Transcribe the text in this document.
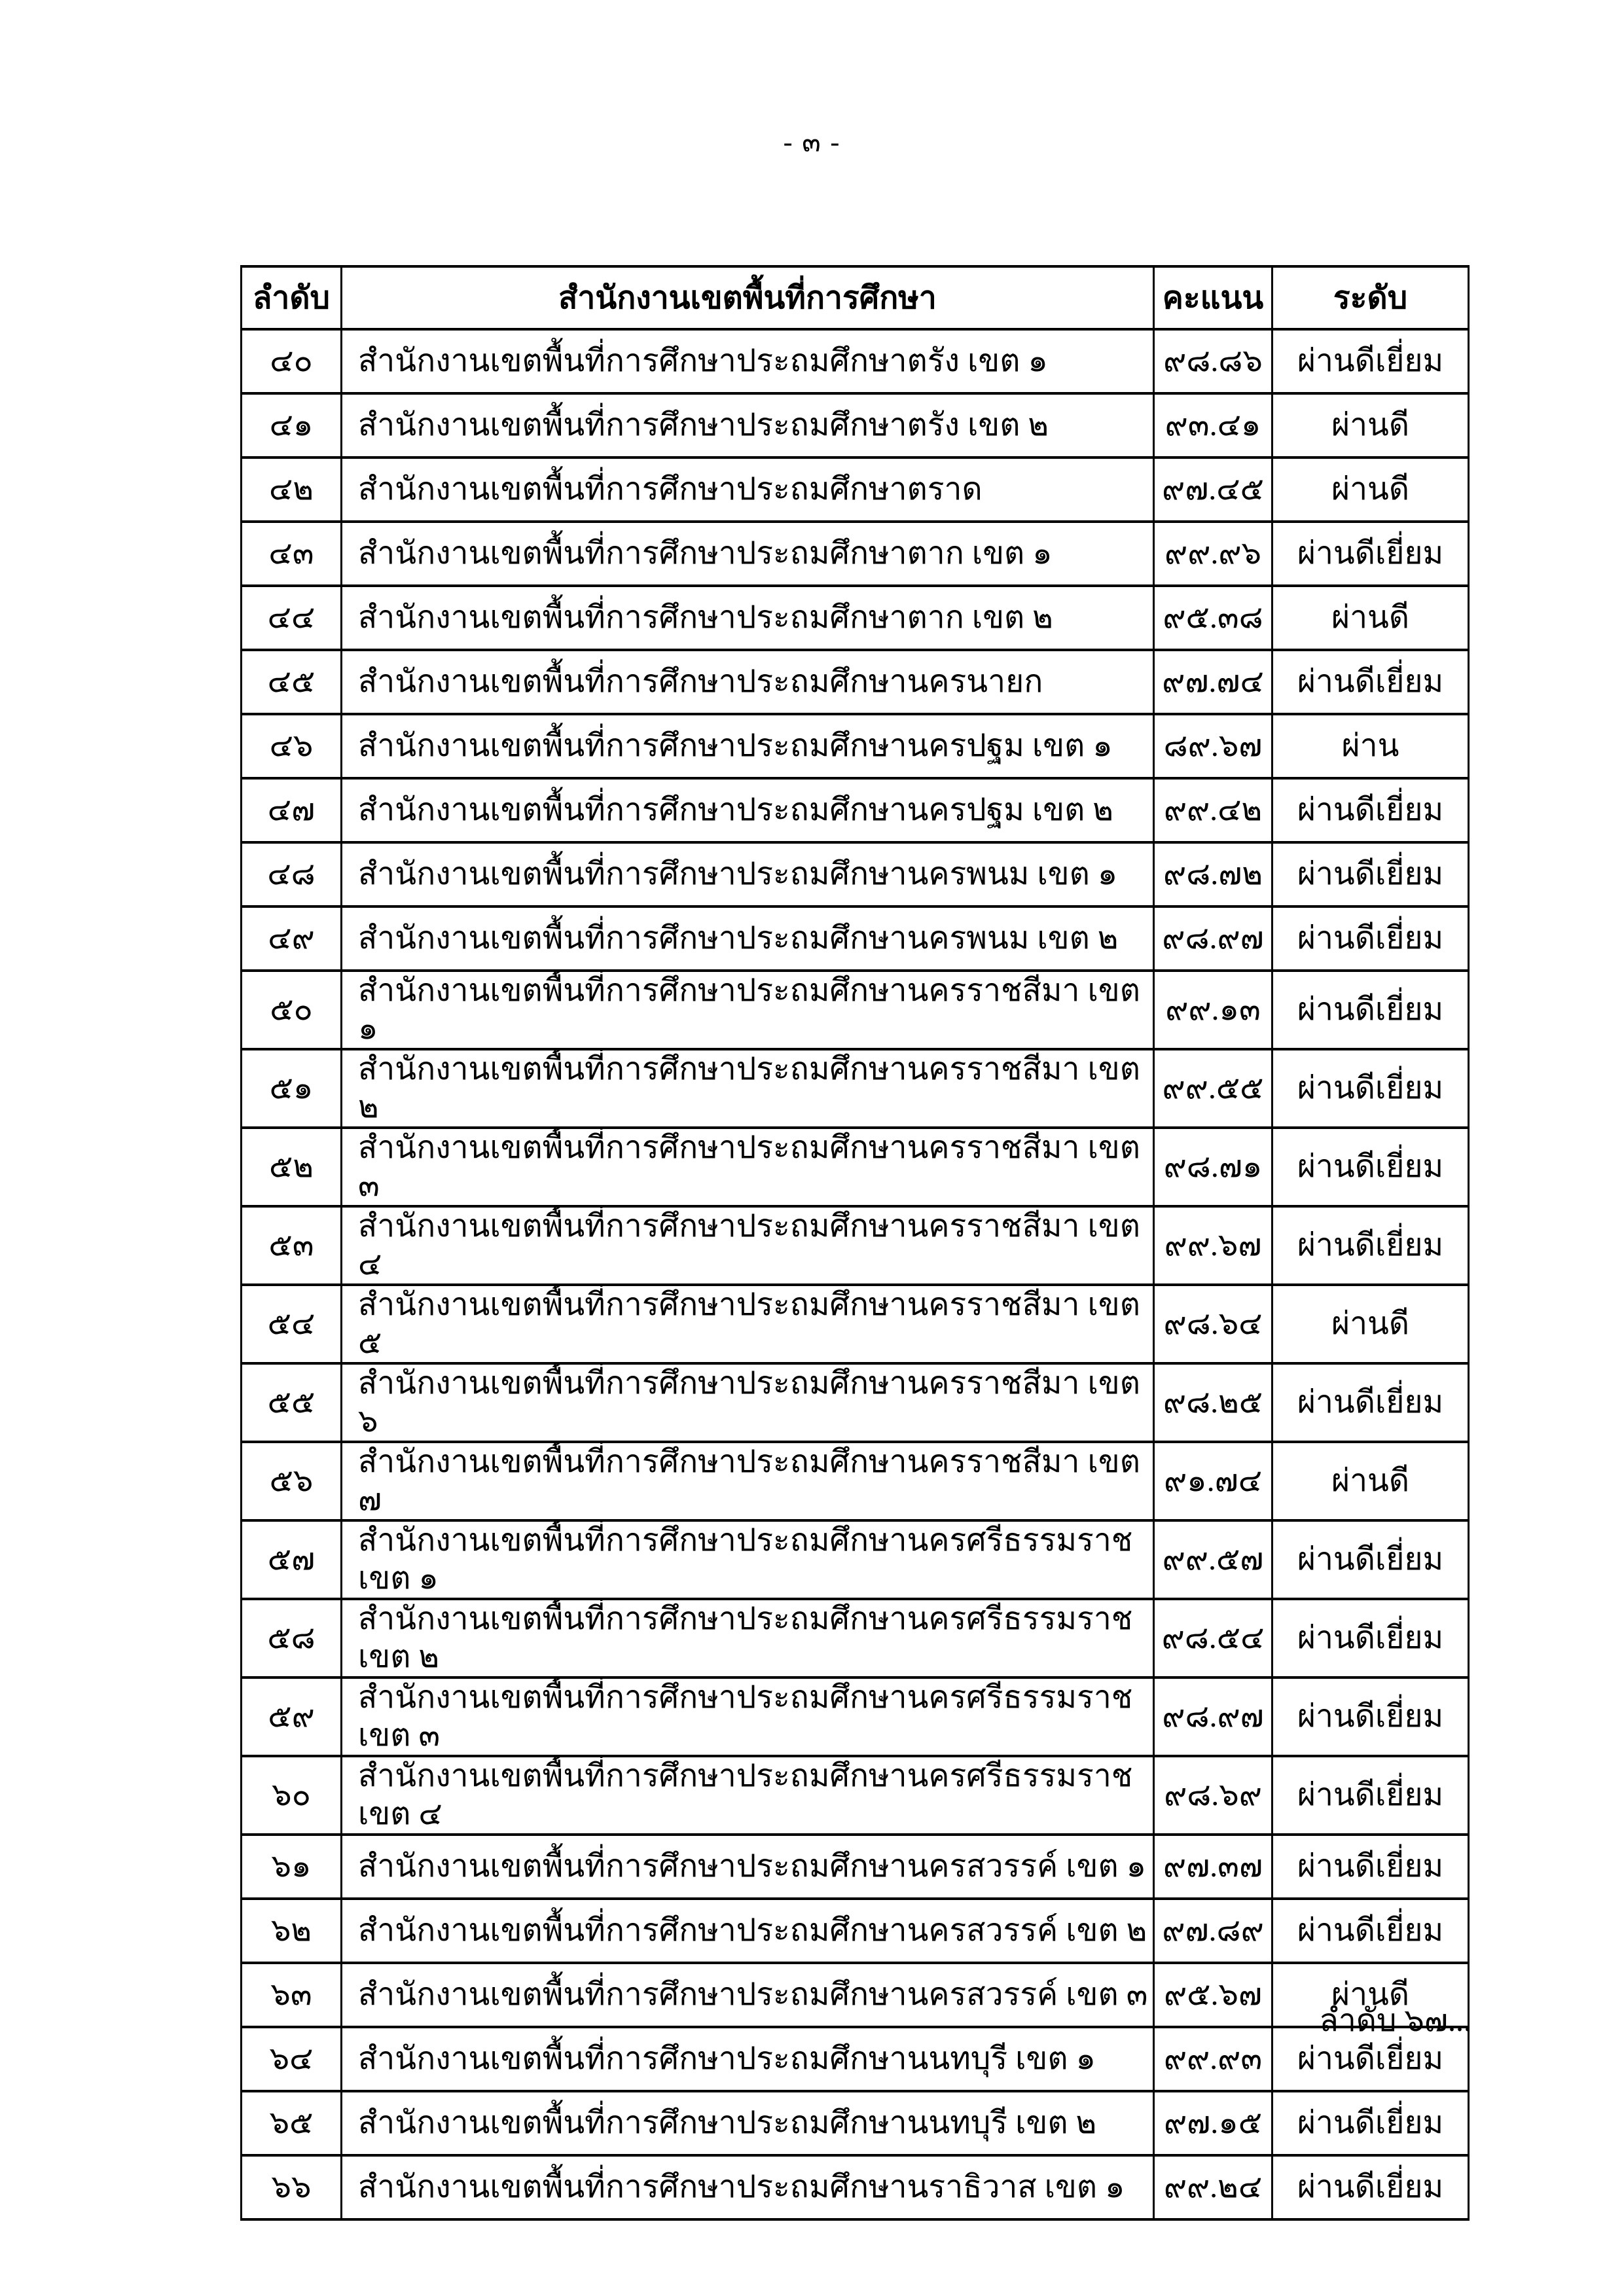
- ๓ -
ลำดับ	สำนักงานเขตพื้นที่การศึกษา	คะแนน	ระดับ
๔๐	สำนักงานเขตพื้นที่การศึกษาประถมศึกษาตรัง เขต ๑	๙๘.๘๖	ผ่านดีเยี่ยม
๔๑	สำนักงานเขตพื้นที่การศึกษาประถมศึกษาตรัง เขต ๒	๙๓.๔๑	ผ่านดี
๔๒	สำนักงานเขตพื้นที่การศึกษาประถมศึกษาตราด	๙๗.๔๕	ผ่านดี
๔๓	สำนักงานเขตพื้นที่การศึกษาประถมศึกษาตาก เขต ๑	๙๙.๙๖	ผ่านดีเยี่ยม
๔๔	สำนักงานเขตพื้นที่การศึกษาประถมศึกษาตาก เขต ๒	๙๕.๓๘	ผ่านดี
๔๕	สำนักงานเขตพื้นที่การศึกษาประถมศึกษานครนายก	๙๗.๗๔	ผ่านดีเยี่ยม
๔๖	สำนักงานเขตพื้นที่การศึกษาประถมศึกษานครปฐม เขต ๑	๘๙.๖๗	ผ่าน
๔๗	สำนักงานเขตพื้นที่การศึกษาประถมศึกษานครปฐม เขต ๒	๙๙.๔๒	ผ่านดีเยี่ยม
๔๘	สำนักงานเขตพื้นที่การศึกษาประถมศึกษานครพนม เขต ๑	๙๘.๗๒	ผ่านดีเยี่ยม
๔๙	สำนักงานเขตพื้นที่การศึกษาประถมศึกษานครพนม เขต ๒	๙๘.๙๗	ผ่านดีเยี่ยม
๕๐	สำนักงานเขตพื้นที่การศึกษาประถมศึกษานครราชสีมา เขต ๑	๙๙.๑๓	ผ่านดีเยี่ยม
๕๑	สำนักงานเขตพื้นที่การศึกษาประถมศึกษานครราชสีมา เขต ๒	๙๙.๕๕	ผ่านดีเยี่ยม
๕๒	สำนักงานเขตพื้นที่การศึกษาประถมศึกษานครราชสีมา เขต ๓	๙๘.๗๑	ผ่านดีเยี่ยม
๕๓	สำนักงานเขตพื้นที่การศึกษาประถมศึกษานครราชสีมา เขต ๔	๙๙.๖๗	ผ่านดีเยี่ยม
๕๔	สำนักงานเขตพื้นที่การศึกษาประถมศึกษานครราชสีมา เขต ๕	๙๘.๖๔	ผ่านดี
๕๕	สำนักงานเขตพื้นที่การศึกษาประถมศึกษานครราชสีมา เขต ๖	๙๘.๒๕	ผ่านดีเยี่ยม
๕๖	สำนักงานเขตพื้นที่การศึกษาประถมศึกษานครราชสีมา เขต ๗	๙๑.๗๔	ผ่านดี
๕๗	สำนักงานเขตพื้นที่การศึกษาประถมศึกษานครศรีธรรมราช เขต ๑	๙๙.๕๗	ผ่านดีเยี่ยม
๕๘	สำนักงานเขตพื้นที่การศึกษาประถมศึกษานครศรีธรรมราช เขต ๒	๙๘.๕๔	ผ่านดีเยี่ยม
๕๙	สำนักงานเขตพื้นที่การศึกษาประถมศึกษานครศรีธรรมราช เขต ๓	๙๘.๙๗	ผ่านดีเยี่ยม
๖๐	สำนักงานเขตพื้นที่การศึกษาประถมศึกษานครศรีธรรมราช เขต ๔	๙๘.๖๙	ผ่านดีเยี่ยม
๖๑	สำนักงานเขตพื้นที่การศึกษาประถมศึกษานครสวรรค์ เขต ๑	๙๗.๓๗	ผ่านดีเยี่ยม
๖๒	สำนักงานเขตพื้นที่การศึกษาประถมศึกษานครสวรรค์ เขต ๒	๙๗.๘๙	ผ่านดีเยี่ยม
๖๓	สำนักงานเขตพื้นที่การศึกษาประถมศึกษานครสวรรค์ เขต ๓	๙๕.๖๗	ผ่านดี
๖๔	สำนักงานเขตพื้นที่การศึกษาประถมศึกษานนทบุรี เขต ๑	๙๙.๙๓	ผ่านดีเยี่ยม
๖๕	สำนักงานเขตพื้นที่การศึกษาประถมศึกษานนทบุรี เขต ๒	๙๗.๑๕	ผ่านดีเยี่ยม
๖๖	สำนักงานเขตพื้นที่การศึกษาประถมศึกษานราธิวาส เขต ๑	๙๙.๒๔	ผ่านดีเยี่ยม
ลำดับ ๖๗...
